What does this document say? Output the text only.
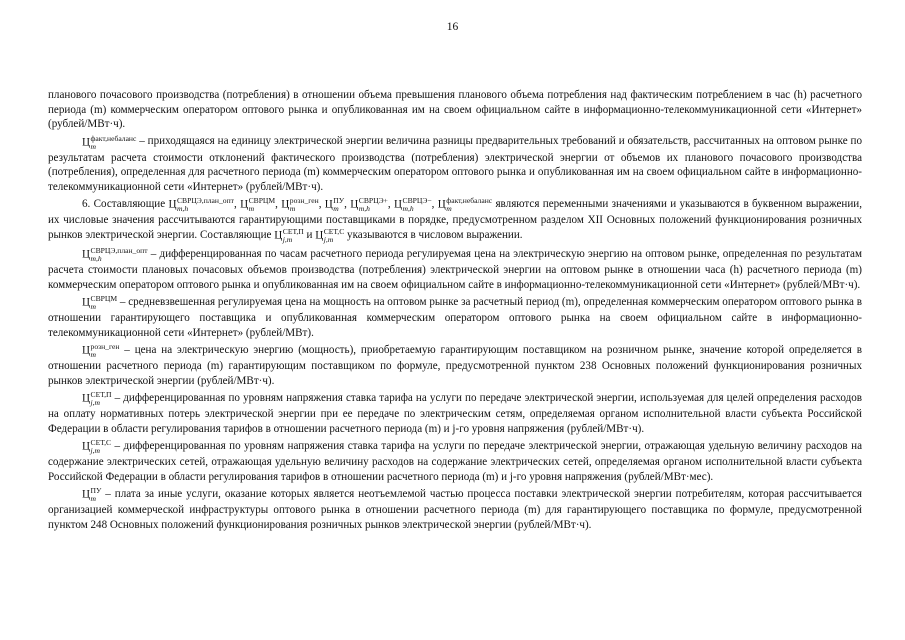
16

планового почасового производства (потребления) в отношении объема превышения планового объема потребления над фактическим потреблением в час (h) расчетного периода (m) коммерческим оператором оптового рынка и опубликованная им на своем официальном сайте в информационно-телекоммуникационной сети «Интернет» (рублей/МВт·ч).

Ц факт,небаланс
m	– приходящаяся на единицу электрической энергии величина разницы предварительных требований и обязательств, рассчитанных на оптовом рынке по результатам расчета стоимости отклонений фактического производства (потребления) электрической энергии от объемов их планового почасового производства (потребления), определенная для расчетного периода (m) коммерческим оператором оптового рынка и опубликованная им на своем официальном сайте в информационно-телекоммуникационной сети «Интернет» (рублей/МВт·ч).

6. Составляющие Ц СВРЦЭ,план_опт
m,h	, Ц СВРЦМ
m	, Ц розн_ген
m	, Ц ПУ
m , Ц СВРЦЭ+
m,h	, Ц СВРЦЭ−
m,h	, Ц факт,небаланс
m	являются переменными значениями и указываются в буквенном выражении, их числовые значения рассчитываются гарантирующими поставщиками в порядке, предусмотренном разделом XII Основных положений функционирования розничных рынков электрической энергии. Составляющие Ц СЕТ,П
j,m	и Ц СЕТ,С
j,m указываются в числовом выражении.

Ц СВРЦЭ,план_опт
m,h	– дифференцированная по часам расчетного периода регулируемая цена на электрическую энергию на оптовом рынке, определенная по результатам расчета стоимости плановых почасовых объемов производства (потребления) электрической энергии на оптовом рынке в отношении часа (h) расчетного периода (m) коммерческим оператором оптового рынка и опубликованная им на своем официальном сайте в информационно-телекоммуникационной сети «Интернет» (рублей/МВт·ч).

Ц СВРЦМ
m	– средневзвешенная регулируемая цена на мощность на оптовом рынке за расчетный период (m), определенная коммерческим оператором оптового рынка в отношении гарантирующего поставщика и опубликованная коммерческим оператором оптового рынка на своем официальном сайте в информационно-телекоммуникационной сети «Интернет» (рублей/МВт).

Ц розн_ген
m	– цена на электрическую энергию (мощность), приобретаемую гарантирующим поставщиком на розничном рынке, значение которой определяется в отношении расчетного периода (m) гарантирующим поставщиком по формуле, предусмотренной пунктом 238 Основных положений функционирования розничных рынков электрической энергии (рублей/МВт·ч).

Ц СЕТ,П
j,m	– дифференцированная по уровням напряжения ставка тарифа на услуги по передаче электрической энергии, используемая для целей определения расходов на оплату нормативных потерь электрической энергии при ее передаче по электрическим сетям, определяемая органом исполнительной власти субъекта Российской Федерации в области регулирования тарифов в отношении расчетного периода (m) и j-го уровня напряжения (рублей/МВт·ч).

Ц СЕТ,С
j,m – дифференцированная по уровням напряжения ставка тарифа на услуги по передаче электрической энергии, отражающая удельную величину расходов на содержание электрических сетей, отражающая удельную величину расходов на содержание электрических сетей, определяемая органом исполнительной власти субъекта Российской Федерации в области регулирования тарифов в отношении расчетного периода (m) и j-го уровня напряжения (рублей/МВт·мес).

Ц ПУ
m – плата за иные услуги, оказание которых является неотъемлемой частью процесса поставки электрической энергии потребителям, которая рассчитывается организацией коммерческой инфраструктуры оптового рынка в отношении расчетного периода (m) для гарантирующего поставщика по формуле, предусмотренной пунктом 248 Основных положений функционирования розничных рынков электрической энергии (рублей/МВт·ч).
